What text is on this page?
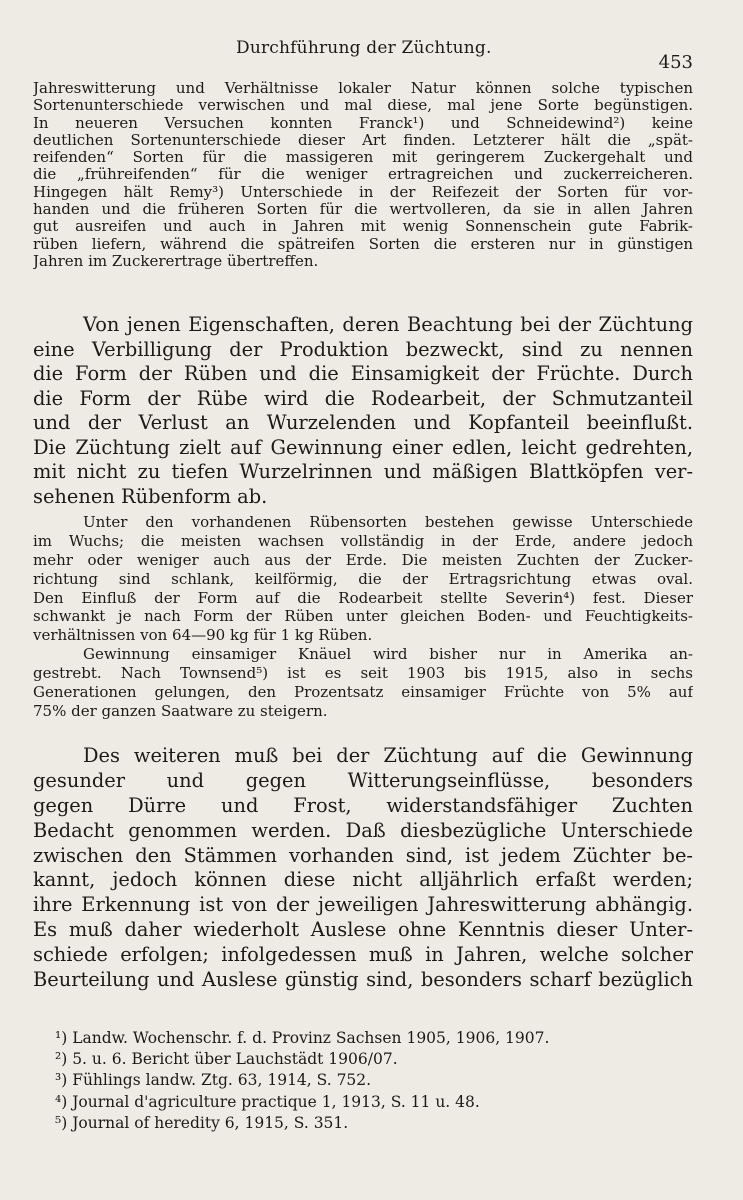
Durchführung der Züchtung.
453
Jahreswitterung und Verhältnisse lokaler Natur können solche typischen
Sortenunterschiede verwischen und mal diese, mal jene Sorte begünstigen.
In neueren Versuchen konnten Franck¹) und Schneidewind²) keine
deutlichen Sortenunterschiede dieser Art finden. Letzterer hält die „spät-
reifenden“ Sorten für die massigeren mit geringerem Zuckergehalt und
die „frühreifenden“ für die weniger ertragreichen und zuckerreicheren.
Hingegen hält Remy³) Unterschiede in der Reifezeit der Sorten für vor-
handen und die früheren Sorten für die wertvolleren, da sie in allen Jahren
gut ausreifen und auch in Jahren mit wenig Sonnenschein gute Fabrik-
rüben liefern, während die spätreifen Sorten die ersteren nur in günstigen
Jahren im Zuckerertrage übertreffen.
Von jenen Eigenschaften, deren Beachtung bei der Züchtung
eine Verbilligung der Produktion bezweckt, sind zu nennen
die Form der Rüben und die Einsamigkeit der Früchte. Durch
die Form der Rübe wird die Rodearbeit, der Schmutzanteil
und der Verlust an Wurzelenden und Kopfanteil beeinflußt.
Die Züchtung zielt auf Gewinnung einer edlen, leicht gedrehten,
mit nicht zu tiefen Wurzelrinnen und mäßigen Blattköpfen ver-
sehenen Rübenform ab.
Unter den vorhandenen Rübensorten bestehen gewisse Unterschiede
im Wuchs; die meisten wachsen vollständig in der Erde, andere jedoch
mehr oder weniger auch aus der Erde. Die meisten Zuchten der Zucker-
richtung sind schlank, keilförmig, die der Ertragsrichtung etwas oval.
Den Einfluß der Form auf die Rodearbeit stellte Severin⁴) fest. Dieser
schwankt je nach Form der Rüben unter gleichen Boden- und Feuchtigkeits-
verhältnissen von 64—90 kg für 1 kg Rüben.
Gewinnung einsamiger Knäuel wird bisher nur in Amerika an-
gestrebt. Nach Townsend⁵) ist es seit 1903 bis 1915, also in sechs
Generationen gelungen, den Prozentsatz einsamiger Früchte von 5% auf
75% der ganzen Saatware zu steigern.
Des weiteren muß bei der Züchtung auf die Gewinnung
gesunder und gegen Witterungseinflüsse, besonders
gegen Dürre und Frost, widerstandsfähiger Zuchten
Bedacht genommen werden. Daß diesbezügliche Unterschiede
zwischen den Stämmen vorhanden sind, ist jedem Züchter be-
kannt, jedoch können diese nicht alljährlich erfaßt werden;
ihre Erkennung ist von der jeweiligen Jahreswitterung abhängig.
Es muß daher wiederholt Auslese ohne Kenntnis dieser Unter-
schiede erfolgen; infolgedessen muß in Jahren, welche solcher
Beurteilung und Auslese günstig sind, besonders scharf bezüglich
¹) Landw. Wochenschr. f. d. Provinz Sachsen 1905, 1906, 1907.
²) 5. u. 6. Bericht über Lauchstädt 1906/07.
³) Fühlings landw. Ztg. 63, 1914, S. 752.
⁴) Journal d'agriculture practique 1, 1913, S. 11 u. 48.
⁵) Journal of heredity 6, 1915, S. 351.
